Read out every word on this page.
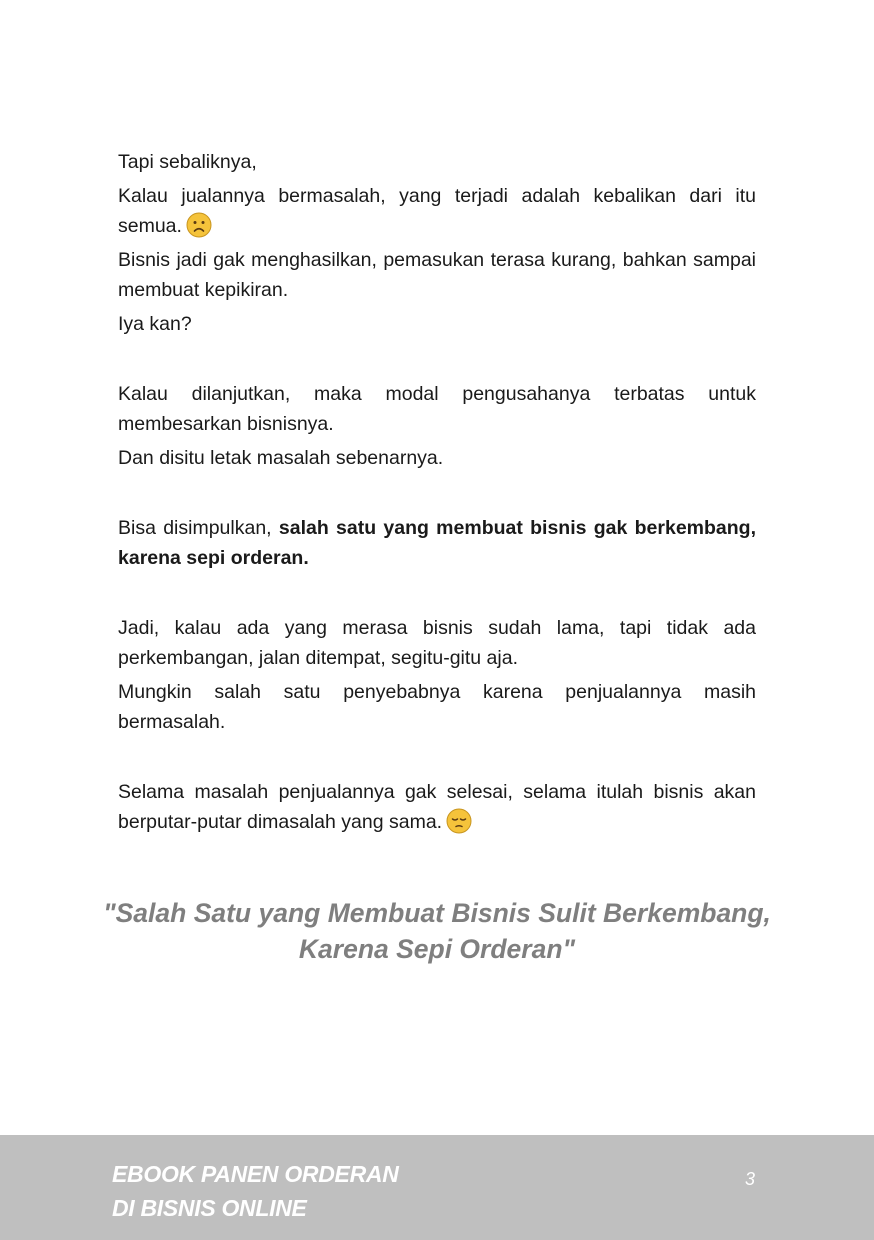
Tapi sebaliknya,

Kalau jualannya bermasalah, yang terjadi adalah kebalikan dari itu semua.

Bisnis jadi gak menghasilkan, pemasukan terasa kurang, bahkan sampai membuat kepikiran.

Iya kan?

Kalau dilanjutkan, maka modal pengusahanya terbatas untuk membesarkan bisnisnya.

Dan disitu letak masalah sebenarnya.

Bisa disimpulkan, salah satu yang membuat bisnis gak berkembang, karena sepi orderan.

Jadi, kalau ada yang merasa bisnis sudah lama, tapi tidak ada perkembangan, jalan ditempat, segitu-gitu aja.

Mungkin salah satu penyebabnya karena penjualannya masih bermasalah.

Selama masalah penjualannya gak selesai, selama itulah bisnis akan berputar-putar dimasalah yang sama.

"Salah Satu yang Membuat Bisnis Sulit Berkembang,
Karena Sepi Orderan"
EBOOK PANEN ORDERAN
DI BISNIS ONLINE
3
